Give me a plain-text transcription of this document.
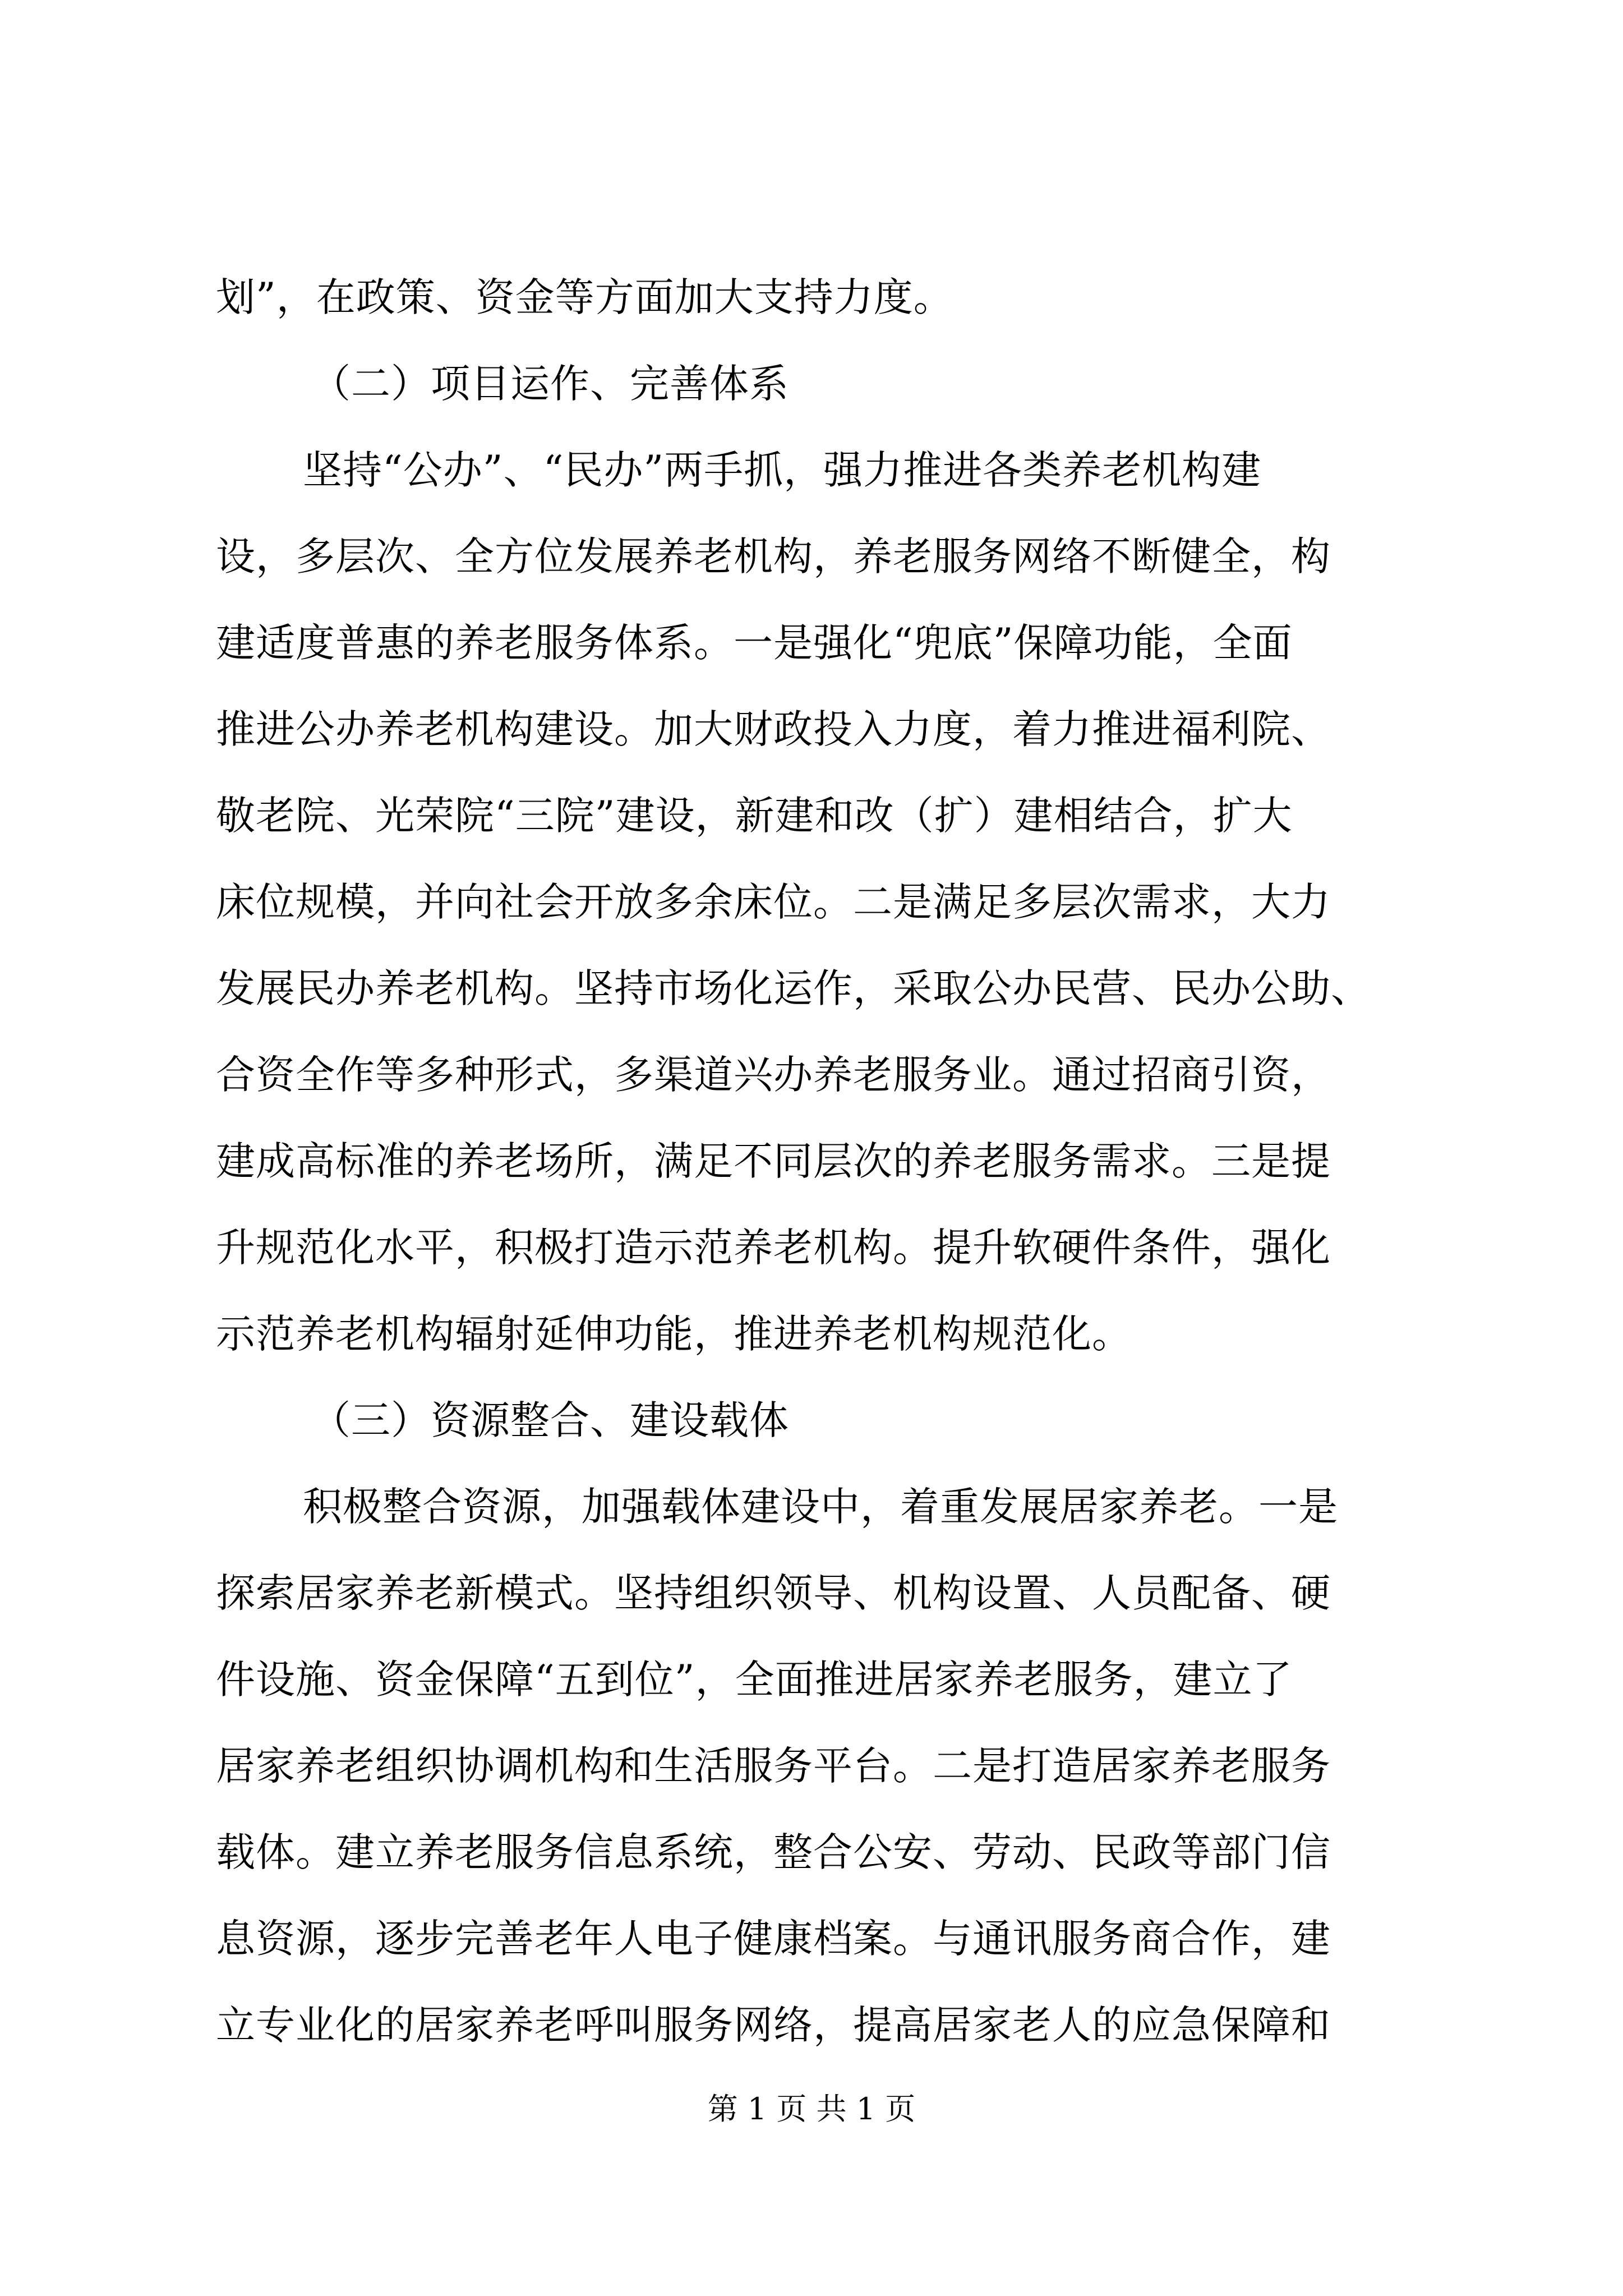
划”，在政策、资金等方面加大支持力度。
（二）项目运作、完善体系
坚持“公办”、“民办”两手抓，强力推进各类养老机构建
设，多层次、全方位发展养老机构，养老服务网络不断健全，构
建适度普惠的养老服务体系。一是强化“兜底”保障功能，全面
推进公办养老机构建设。加大财政投入力度，着力推进福利院、
敬老院、光荣院“三院”建设，新建和改（扩）建相结合，扩大
床位规模，并向社会开放多余床位。二是满足多层次需求，大力
发展民办养老机构。坚持市场化运作，采取公办民营、民办公助、
合资全作等多种形式，多渠道兴办养老服务业。通过招商引资，
建成高标准的养老场所，满足不同层次的养老服务需求。三是提
升规范化水平，积极打造示范养老机构。提升软硬件条件，强化
示范养老机构辐射延伸功能，推进养老机构规范化。
（三）资源整合、建设载体
积极整合资源，加强载体建设中，着重发展居家养老。一是
探索居家养老新模式。坚持组织领导、机构设置、人员配备、硬
件设施、资金保障“五到位”，全面推进居家养老服务，建立了
居家养老组织协调机构和生活服务平台。二是打造居家养老服务
载体。建立养老服务信息系统，整合公安、劳动、民政等部门信
息资源，逐步完善老年人电子健康档案。与通讯服务商合作，建
立专业化的居家养老呼叫服务网络，提高居家老人的应急保障和
第 1 页 共 1 页
